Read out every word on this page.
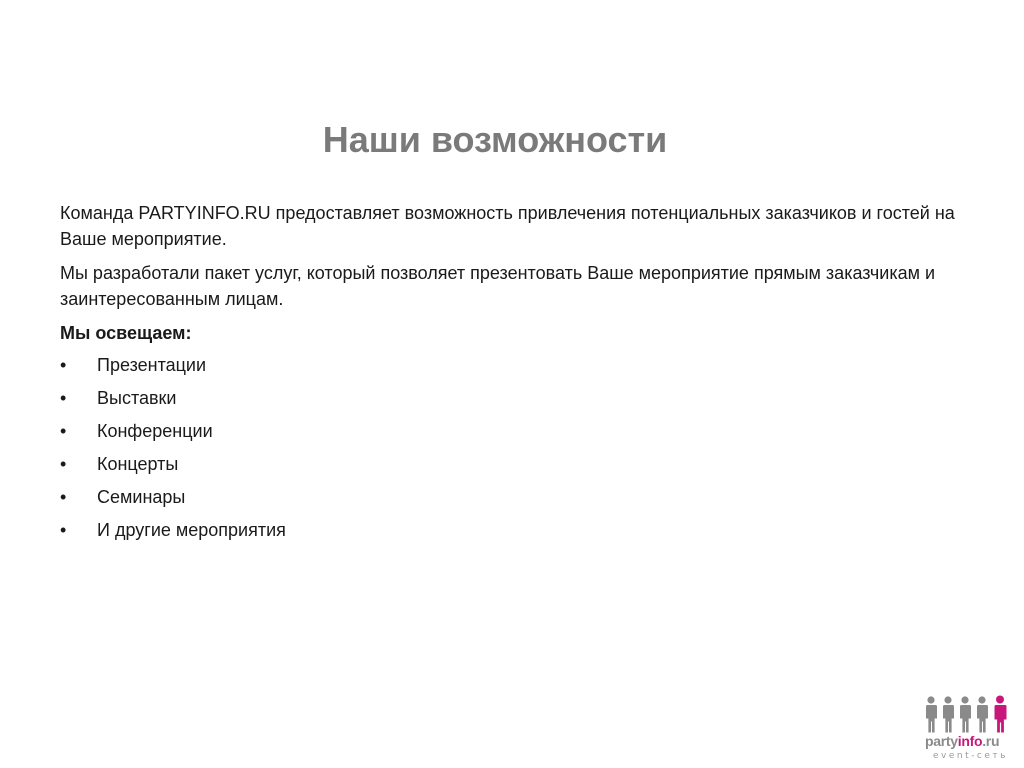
Наши возможности

Команда PARTYINFO.RU предоставляет возможность привлечения потенциальных заказчиков и гостей на Ваше мероприятие.

Мы разработали пакет услуг, который позволяет презентовать Ваше мероприятие прямым заказчикам и заинтересованным лицам.

Мы освещаем:

•	Презентации
•	Выставки
•	Конференции
•	Концерты
•	Семинары
•	И другие мероприятия
partyinfo.ru
event-сеть
